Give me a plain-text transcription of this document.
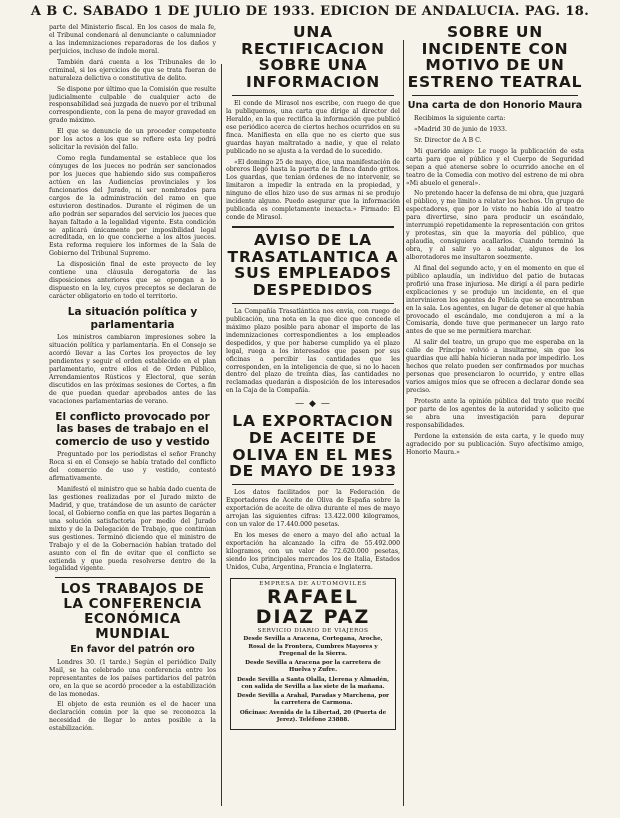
A B C. SABADO 1 DE JULIO DE 1933. EDICION DE ANDALUCIA. PAG. 18.

parte del Ministerio fiscal. En los casos de mala fe, el Tribunal condenará al denunciante o calumniador a las indemnizaciones reparadoras de los daños y perjuicios, incluso de índole moral.

También dará cuenta a los Tribunales de lo criminal, si los ejercicios de que se trata fueran de naturaleza delictiva o constitutiva de delito.

Se dispone por último que la Comisión que resulte judicialmente culpable de cualquier acto de responsabilidad sea juzgada de nuevo por el tribunal correspondiente, con la pena de mayor gravedad en grado máximo.

El que se denuncie de un proceder competente por los actos a los que se refiere esta ley podrá solicitar la revisión del fallo.

Como regla fundamental se establece que los cónyuges de los jueces no podrán ser sancionados por los jueces que habiendo sido sus compañeros actúen en las Audiencias provinciales y los funcionarios del Jurado, ni ser nombrados para cargos de la administración del ramo en que estuvieron destinados. Durante el régimen de un año podrán ser separados del servicio los jueces que hayan faltado a la legalidad vigente. Esta condición se aplicará únicamente por imposibilidad legal acreditada, en lo que concierne a los altos jueces. Esta reforma requiere los informes de la Sala de Gobierno del Tribunal Supremo.

La disposición final de este proyecto de ley contiene una cláusula derogatoria de las disposiciones anteriores que se opongan a lo dispuesto en la ley, cuyos preceptos se declaran de carácter obligatorio en todo el territorio.

La situación política y parlamentaria

Los ministros cambiaron impresiones sobre la situación política y parlamentaria. En el Consejo se acordó llevar a las Cortes los proyectos de ley pendientes y seguir el orden establecido en el plan parlamentario, entre ellos el de Orden Público, Arrendamientos Rústicos y Electoral, que serán discutidos en las próximas sesiones de Cortes, a fin de que puedan quedar aprobados antes de las vacaciones parlamentarias de verano.

El conflicto provocado por las bases de trabajo en el comercio de uso y vestido

Preguntado por los periodistas el señor Franchy Roca si en el Consejo se había tratado del conflicto del comercio de uso y vestido, contestó afirmativamente.

Manifestó el ministro que se había dado cuenta de las gestiones realizadas por el Jurado mixto de Madrid, y que, tratándose de un asunto de carácter local, el Gobierno confía en que las partes llegarán a una solución satisfactoria por medio del Jurado mixto y de la Delegación de Trabajo, que continúan sus gestiones. Terminó diciendo que el ministro de Trabajo y el de la Gobernación habían tratado del asunto con el fin de evitar que el conflicto se extienda y que pueda resolverse dentro de la legalidad vigente.

LOS TRABAJOS DE LA CONFERENCIA ECONÓMICA MUNDIAL
En favor del patrón oro

Londres 30. (1 tarde.) Según el periódico Daily Mail, se ha celebrado una conferencia entre los representantes de los países partidarios del patrón oro, en la que se acordó proceder a la estabilización de las monedas.

El objeto de esta reunión es el de hacer una declaración común por la que se reconozca la necesidad de llegar lo antes posible a la estabilización.

UNA RECTIFICACION SOBRE UNA INFORMACION

El conde de Mirasol nos escribe, con ruego de que la publiquemos, una carta que dirige al director del Heraldo, en la que rectifica la información que publicó ese periódico acerca de ciertos hechos ocurridos en su finca. Manifiesta en ella que no es cierto que sus guardas hayan maltratado a nadie, y que el relato publicado no se ajusta a la verdad de lo sucedido.

«El domingo 25 de mayo, dice, una manifestación de obreros llegó hasta la puerta de la finca dando gritos. Los guardas, que tenían órdenes de no intervenir, se limitaron a impedir la entrada en la propiedad, y ninguno de ellos hizo uso de sus armas ni se produjo incidente alguno. Puedo asegurar que la información publicada es completamente inexacta.» Firmado: El conde de Mirasol.

AVISO DE LA TRASATLANTICA A SUS EMPLEADOS DESPEDIDOS

La Compañía Trasatlántica nos envía, con ruego de publicación, una nota en la que dice que concede el máximo plazo posible para abonar el importe de las indemnizaciones correspondientes a los empleados despedidos, y que por haberse cumplido ya el plazo legal, ruega a los interesados que pasen por sus oficinas a percibir las cantidades que les corresponden, en la inteligencia de que, si no lo hacen dentro del plazo de treinta días, las cantidades no reclamadas quedarán a disposición de los interesados en la Caja de la Compañía.

— ◆ —
LA EXPORTACION DE ACEITE DE OLIVA EN EL MES DE MAYO DE 1933

Los datos facilitados por la Federación de Exportadores de Aceite de Oliva de España sobre la exportación de aceite de oliva durante el mes de mayo arrojan las siguientes cifras: 13.422.000 kilogramos, con un valor de 17.440.000 pesetas.

En los meses de enero a mayo del año actual la exportación ha alcanzado la cifra de 55.492.000 kilogramos, con un valor de 72.620.000 pesetas, siendo los principales mercados los de Italia, Estados Unidos, Cuba, Argentina, Francia e Inglaterra.

EMPRESA DE AUTOMOVILES
RAFAEL DIAZ PAZ
SERVICIO DIARIO DE VIAJEROS

Desde Sevilla a Aracena, Cortegana, Aroche, Rosal de la Frontera, Cumbres Mayores y Fregenal de la Sierra.

Desde Sevilla a Aracena por la carretera de Huelva y Zufre.

Desde Sevilla a Santa Olalla, Llerena y Almadén, con salida de Sevilla a las siete de la mañana.

Desde Sevilla a Arahal, Paradas y Marchena, por la carretera de Carmona.

Oficinas: Avenida de la Libertad, 20 (Puerta de Jerez). Teléfono 23888.

SOBRE UN INCIDENTE CON MOTIVO DE UN ESTRENO TEATRAL
Una carta de don Honorio Maura

Recibimos la siguiente carta:

«Madrid 30 de junio de 1933.

Sr. Director de A B C.

Mi querido amigo: Le ruego la publicación de esta carta para que el público y el Cuerpo de Seguridad sepan a qué atenerse sobre lo ocurrido anoche en el teatro de la Comedia con motivo del estreno de mi obra «Mi abuelo el general».

No pretendo hacer la defensa de mi obra, que juzgará el público, y me limito a relatar los hechos. Un grupo de espectadores, que por lo visto no había ido al teatro para divertirse, sino para producir un escándalo, interrumpió repetidamente la representación con gritos y protestas, sin que la mayoría del público, que aplaudía, consiguiera acallarlos. Cuando terminó la obra, y al salir yo a saludar, algunos de los alborotadores me insultaron soezmente.

Al final del segundo acto, y en el momento en que el público aplaudía, un individuo del patio de butacas profirió una frase injuriosa. Me dirigí a él para pedirle explicaciones y se produjo un incidente, en el que intervinieron los agentes de Policía que se encontraban en la sala. Los agentes, en lugar de detener al que había provocado el escándalo, me condujeron a mí a la Comisaría, donde tuve que permanecer un largo rato antes de que se me permitiera marchar.

Al salir del teatro, un grupo que me esperaba en la calle de Príncipe volvió a insultarme, sin que los guardias que allí había hicieran nada por impedirlo. Los hechos que relato pueden ser confirmados por muchas personas que presenciaron lo ocurrido, y entre ellas varios amigos míos que se ofrecen a declarar donde sea preciso.

Protesto ante la opinión pública del trato que recibí por parte de los agentes de la autoridad y solicito que se abra una investigación para depurar responsabilidades.

Perdone la extensión de esta carta, y le quedo muy agradecido por su publicación. Suyo afectísimo amigo, Honorio Maura.»
